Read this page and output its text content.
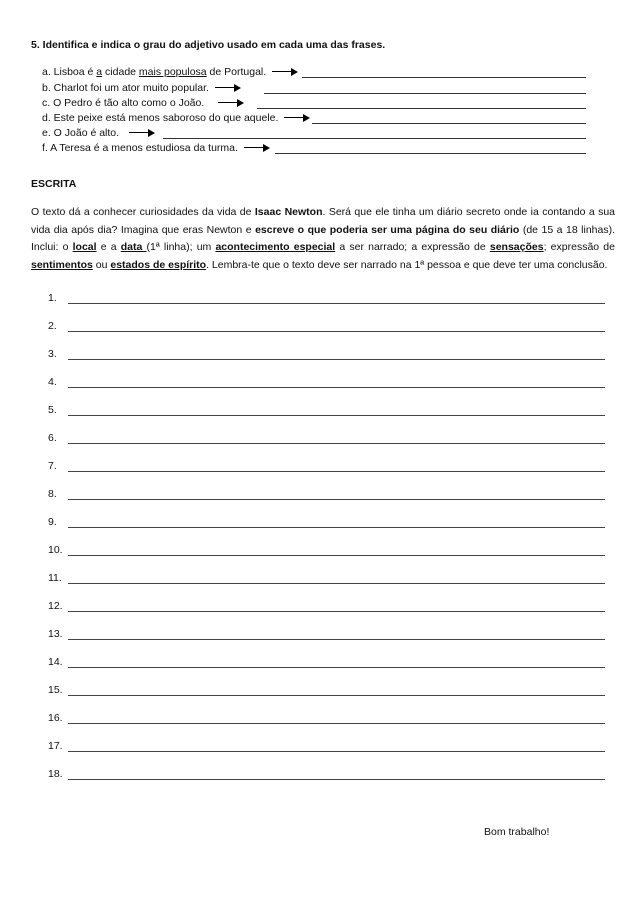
5. Identifica e indica o grau do adjetivo usado em cada uma das frases.
a. Lisboa é a cidade mais populosa de Portugal.
b. Charlot foi um ator muito popular.
c. O Pedro é tão alto como o João.
d. Este peixe está menos saboroso do que aquele.
e. O João é alto.
f. A Teresa é a menos estudiosa da turma.
ESCRITA
O texto dá a conhecer curiosidades da vida de Isaac Newton. Será que ele tinha um diário secreto onde ia contando a sua vida dia após dia? Imagina que eras Newton e escreve o que poderia ser uma página do seu diário (de 15 a 18 linhas). Inclui: o local e a data (1ª linha); um acontecimento especial a ser narrado; a expressão de sensações; expressão de sentimentos ou estados de espírito. Lembra-te que o texto deve ser narrado na 1ª pessoa e que deve ter uma conclusão.
1.
2.
3.
4.
5.
6.
7.
8.
9.
10.
11.
12.
13.
14.
15.
16.
17.
18.
Bom trabalho!
